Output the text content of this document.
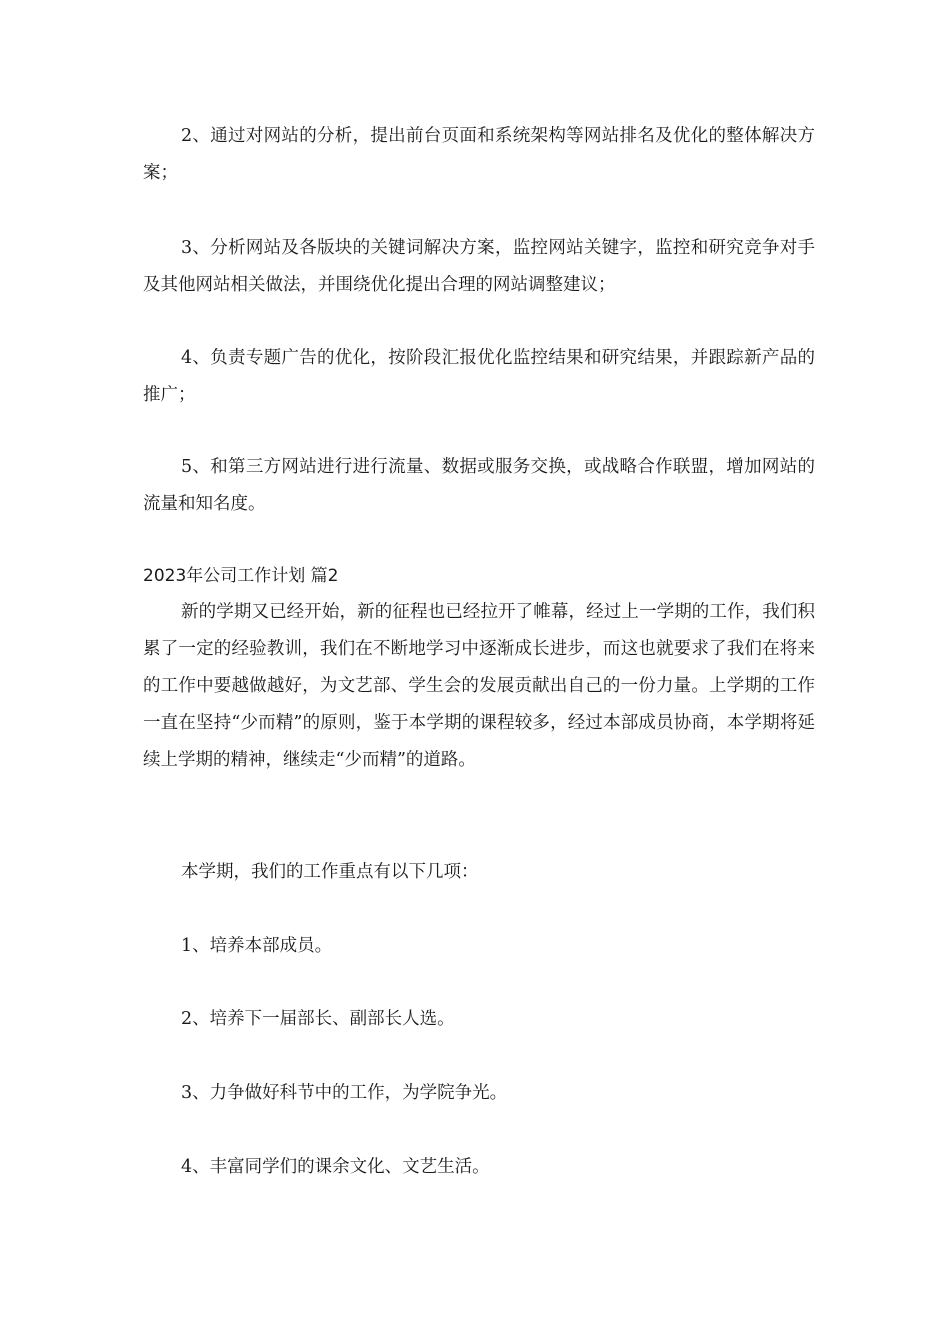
2、通过对网站的分析，提出前台页面和系统架构等网站排名及优化的整体解决方案；

3、分析网站及各版块的关键词解决方案，监控网站关键字，监控和研究竞争对手及其他网站相关做法，并围绕优化提出合理的网站调整建议；

4、负责专题广告的优化，按阶段汇报优化监控结果和研究结果，并跟踪新产品的推广；

5、和第三方网站进行进行流量、数据或服务交换，或战略合作联盟，增加网站的流量和知名度。

2023年公司工作计划 篇2

新的学期又已经开始，新的征程也已经拉开了帷幕，经过上一学期的工作，我们积累了一定的经验教训，我们在不断地学习中逐渐成长进步，而这也就要求了我们在将来的工作中要越做越好，为文艺部、学生会的发展贡献出自己的一份力量。上学期的工作一直在坚持“少而精”的原则，鉴于本学期的课程较多，经过本部成员协商，本学期将延续上学期的精神，继续走“少而精”的道路。

本学期，我们的工作重点有以下几项：

1、培养本部成员。

2、培养下一届部长、副部长人选。

3、力争做好科节中的工作，为学院争光。

4、丰富同学们的课余文化、文艺生活。
